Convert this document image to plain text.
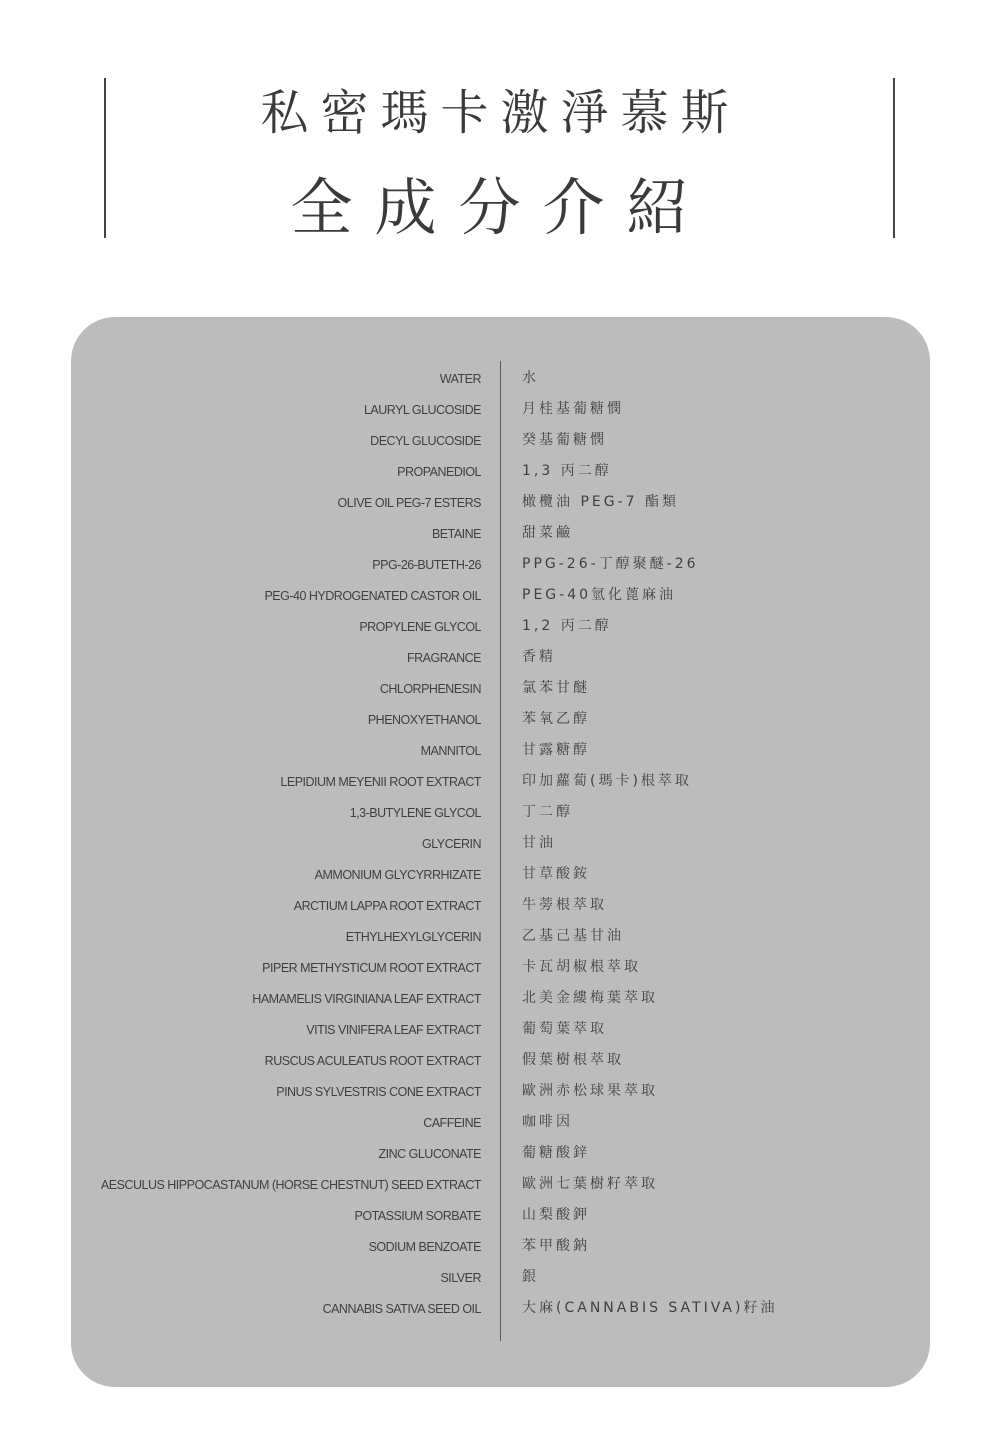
私密瑪卡激淨慕斯
全成分介紹
WATER	水
LAURYL GLUCOSIDE	月桂基葡糖憫
DECYL GLUCOSIDE	癸基葡糖憫
PROPANEDIOL	1,3 丙二醇
OLIVE OIL PEG-7 ESTERS	橄欖油 PEG-7 酯類
BETAINE	甜菜鹼
PPG-26-BUTETH-26	PPG-26-丁醇聚醚-26
PEG-40 HYDROGENATED CASTOR OIL	PEG-40氫化蓖麻油
PROPYLENE GLYCOL	1,2 丙二醇
FRAGRANCE	香精
CHLORPHENESIN	氯苯甘醚
PHENOXYETHANOL	苯氧乙醇
MANNITOL	甘露糖醇
LEPIDIUM MEYENII ROOT EXTRACT	印加蘿蔔(瑪卡)根萃取
1,3-BUTYLENE GLYCOL	丁二醇
GLYCERIN	甘油
AMMONIUM GLYCYRRHIZATE	甘草酸銨
ARCTIUM LAPPA ROOT EXTRACT	牛蒡根萃取
ETHYLHEXYLGLYCERIN	乙基己基甘油
PIPER METHYSTICUM ROOT EXTRACT	卡瓦胡椒根萃取
HAMAMELIS VIRGINIANA LEAF EXTRACT	北美金縷梅葉萃取
VITIS VINIFERA LEAF EXTRACT	葡萄葉萃取
RUSCUS ACULEATUS ROOT EXTRACT	假葉樹根萃取
PINUS SYLVESTRIS CONE EXTRACT	歐洲赤松球果萃取
CAFFEINE	咖啡因
ZINC GLUCONATE	葡糖酸鋅
AESCULUS HIPPOCASTANUM (HORSE CHESTNUT) SEED EXTRACT	歐洲七葉樹籽萃取
POTASSIUM SORBATE	山梨酸鉀
SODIUM BENZOATE	苯甲酸鈉
SILVER	銀
CANNABIS SATIVA SEED OIL	大麻(CANNABIS SATIVA)籽油
